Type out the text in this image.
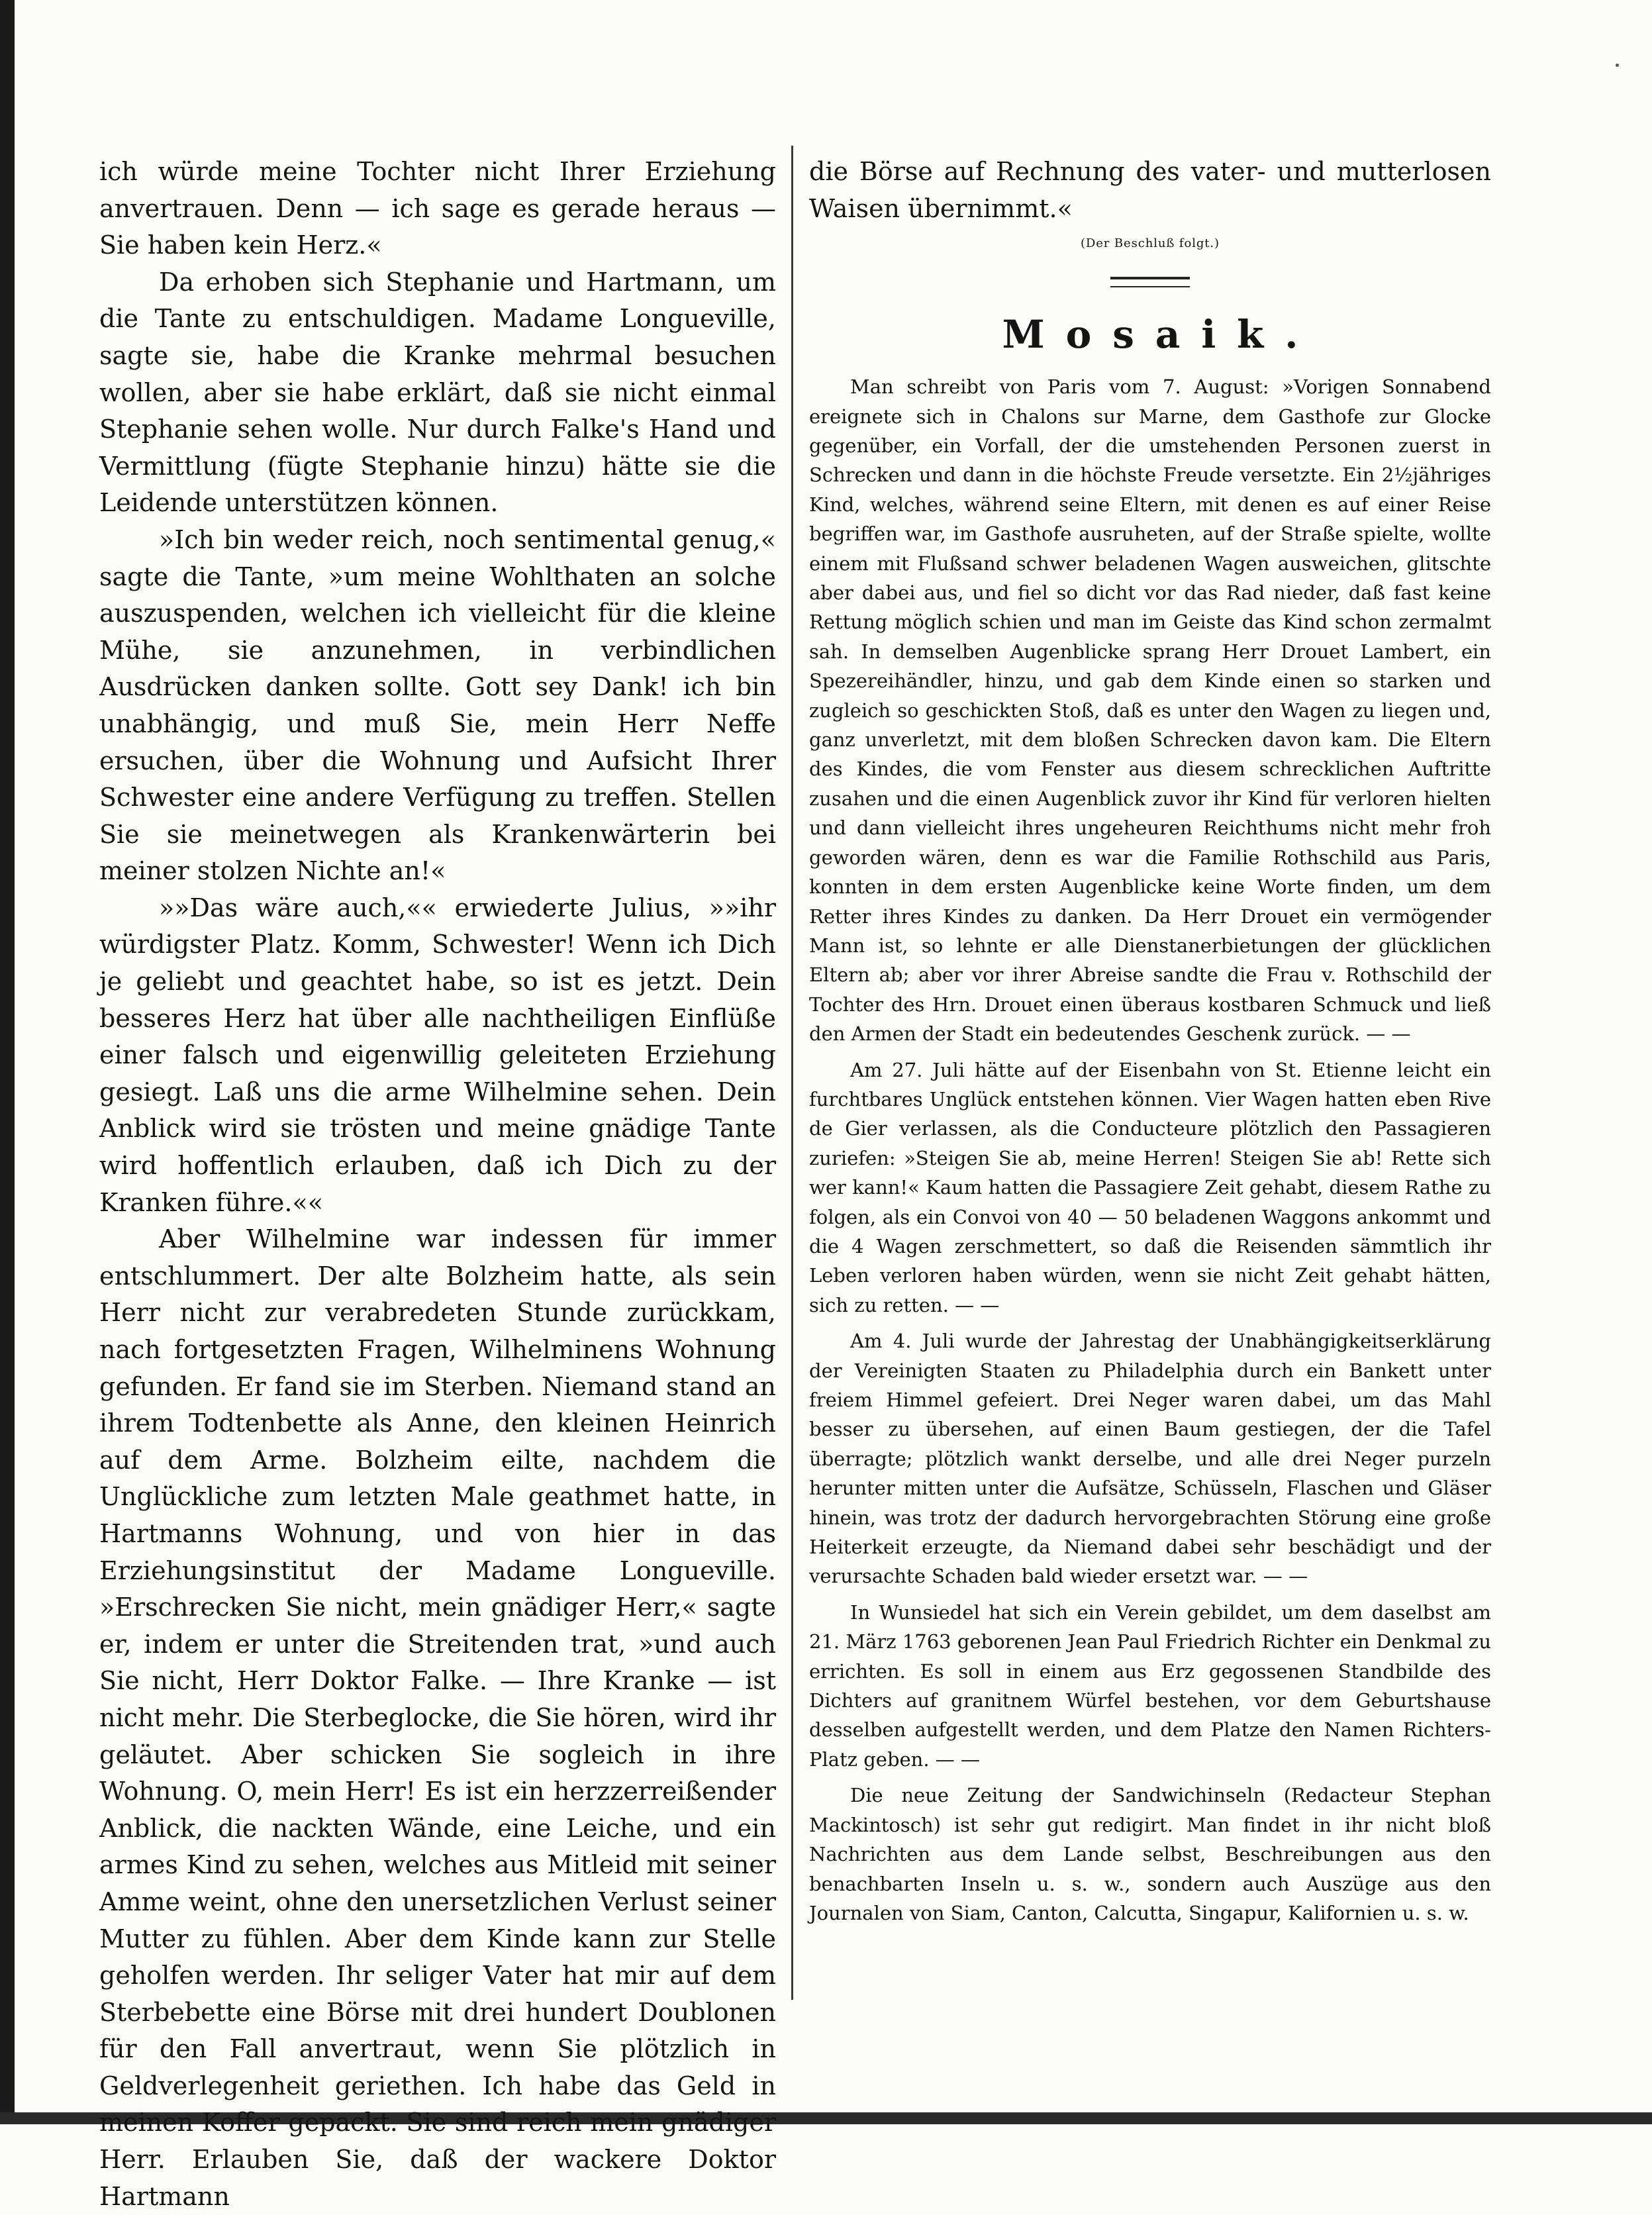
ich würde meine Tochter nicht Ihrer Erziehung anvertrauen. Denn — ich sage es gerade heraus — Sie haben kein Herz.«

Da erhoben sich Stephanie und Hartmann, um die Tante zu entschuldigen. Madame Longueville, sagte sie, habe die Kranke mehrmal besuchen wollen, aber sie habe erklärt, daß sie nicht einmal Stephanie sehen wolle. Nur durch Falke's Hand und Vermittlung (fügte Stephanie hinzu) hätte sie die Leidende unterstützen können.

»Ich bin weder reich, noch sentimental genug,« sagte die Tante, »um meine Wohlthaten an solche auszuspenden, welchen ich vielleicht für die kleine Mühe, sie anzunehmen, in verbindlichen Ausdrücken danken sollte. Gott sey Dank! ich bin unabhängig, und muß Sie, mein Herr Neffe ersuchen, über die Wohnung und Aufsicht Ihrer Schwester eine andere Verfügung zu treffen. Stellen Sie sie meinetwegen als Krankenwärterin bei meiner stolzen Nichte an!«

»»Das wäre auch,«« erwiederte Julius, »»ihr würdigster Platz. Komm, Schwester! Wenn ich Dich je geliebt und geachtet habe, so ist es jetzt. Dein besseres Herz hat über alle nachtheiligen Einflüße einer falsch und eigenwillig geleiteten Erziehung gesiegt. Laß uns die arme Wilhelmine sehen. Dein Anblick wird sie trösten und meine gnädige Tante wird hoffentlich erlauben, daß ich Dich zu der Kranken führe.««

Aber Wilhelmine war indessen für immer entschlummert. Der alte Bolzheim hatte, als sein Herr nicht zur verabredeten Stunde zurückkam, nach fortgesetzten Fragen, Wilhelminens Wohnung gefunden. Er fand sie im Sterben. Niemand stand an ihrem Todtenbette als Anne, den kleinen Heinrich auf dem Arme. Bolzheim eilte, nachdem die Unglückliche zum letzten Male geathmet hatte, in Hartmanns Wohnung, und von hier in das Erziehungsinstitut der Madame Longueville. »Erschrecken Sie nicht, mein gnädiger Herr,« sagte er, indem er unter die Streitenden trat, »und auch Sie nicht, Herr Doktor Falke. — Ihre Kranke — ist nicht mehr. Die Sterbeglocke, die Sie hören, wird ihr geläutet. Aber schicken Sie sogleich in ihre Wohnung. O, mein Herr! Es ist ein herzzerreißender Anblick, die nackten Wände, eine Leiche, und ein armes Kind zu sehen, welches aus Mitleid mit seiner Amme weint, ohne den unersetzlichen Verlust seiner Mutter zu fühlen. Aber dem Kinde kann zur Stelle geholfen werden. Ihr seliger Vater hat mir auf dem Sterbebette eine Börse mit drei hundert Doublonen für den Fall anvertraut, wenn Sie plötzlich in Geldverlegenheit geriethen. Ich habe das Geld in meinen Koffer gepackt. Sie sind reich mein gnädiger Herr. Erlauben Sie, daß der wackere Doktor Hartmann

die Börse auf Rechnung des vater- und mutterlosen Waisen übernimmt.«

(Der Beschluß folgt.)
Mosaik.

Man schreibt von Paris vom 7. August: »Vorigen Sonnabend ereignete sich in Chalons sur Marne, dem Gasthofe zur Glocke gegenüber, ein Vorfall, der die umstehenden Personen zuerst in Schrecken und dann in die höchste Freude versetzte. Ein 2½jähriges Kind, welches, während seine Eltern, mit denen es auf einer Reise begriffen war, im Gasthofe ausruheten, auf der Straße spielte, wollte einem mit Flußsand schwer beladenen Wagen ausweichen, glitschte aber dabei aus, und fiel so dicht vor das Rad nieder, daß fast keine Rettung möglich schien und man im Geiste das Kind schon zermalmt sah. In demselben Augenblicke sprang Herr Drouet Lambert, ein Spezereihändler, hinzu, und gab dem Kinde einen so starken und zugleich so geschickten Stoß, daß es unter den Wagen zu liegen und, ganz unverletzt, mit dem bloßen Schrecken davon kam. Die Eltern des Kindes, die vom Fenster aus diesem schrecklichen Auftritte zusahen und die einen Augenblick zuvor ihr Kind für verloren hielten und dann vielleicht ihres ungeheuren Reichthums nicht mehr froh geworden wären, denn es war die Familie Rothschild aus Paris, konnten in dem ersten Augenblicke keine Worte finden, um dem Retter ihres Kindes zu danken. Da Herr Drouet ein vermögender Mann ist, so lehnte er alle Dienstanerbietungen der glücklichen Eltern ab; aber vor ihrer Abreise sandte die Frau v. Rothschild der Tochter des Hrn. Drouet einen überaus kostbaren Schmuck und ließ den Armen der Stadt ein bedeutendes Geschenk zurück. — —

Am 27. Juli hätte auf der Eisenbahn von St. Etienne leicht ein furchtbares Unglück entstehen können. Vier Wagen hatten eben Rive de Gier verlassen, als die Conducteure plötzlich den Passagieren zuriefen: »Steigen Sie ab, meine Herren! Steigen Sie ab! Rette sich wer kann!« Kaum hatten die Passagiere Zeit gehabt, diesem Rathe zu folgen, als ein Convoi von 40 — 50 beladenen Waggons ankommt und die 4 Wagen zerschmettert, so daß die Reisenden sämmtlich ihr Leben verloren haben würden, wenn sie nicht Zeit gehabt hätten, sich zu retten. — —

Am 4. Juli wurde der Jahrestag der Unabhängigkeitserklärung der Vereinigten Staaten zu Philadelphia durch ein Bankett unter freiem Himmel gefeiert. Drei Neger waren dabei, um das Mahl besser zu übersehen, auf einen Baum gestiegen, der die Tafel überragte; plötzlich wankt derselbe, und alle drei Neger purzeln herunter mitten unter die Aufsätze, Schüsseln, Flaschen und Gläser hinein, was trotz der dadurch hervorgebrachten Störung eine große Heiterkeit erzeugte, da Niemand dabei sehr beschädigt und der verursachte Schaden bald wieder ersetzt war. — —

In Wunsiedel hat sich ein Verein gebildet, um dem daselbst am 21. März 1763 geborenen Jean Paul Friedrich Richter ein Denkmal zu errichten. Es soll in einem aus Erz gegossenen Standbilde des Dichters auf granitnem Würfel bestehen, vor dem Geburtshause desselben aufgestellt werden, und dem Platze den Namen Richters-Platz geben. — —

Die neue Zeitung der Sandwichinseln (Redacteur Stephan Mackintosch) ist sehr gut redigirt. Man findet in ihr nicht bloß Nachrichten aus dem Lande selbst, Beschreibungen aus den benachbarten Inseln u. s. w., sondern auch Auszüge aus den Journalen von Siam, Canton, Calcutta, Singapur, Kalifornien u. s. w.
